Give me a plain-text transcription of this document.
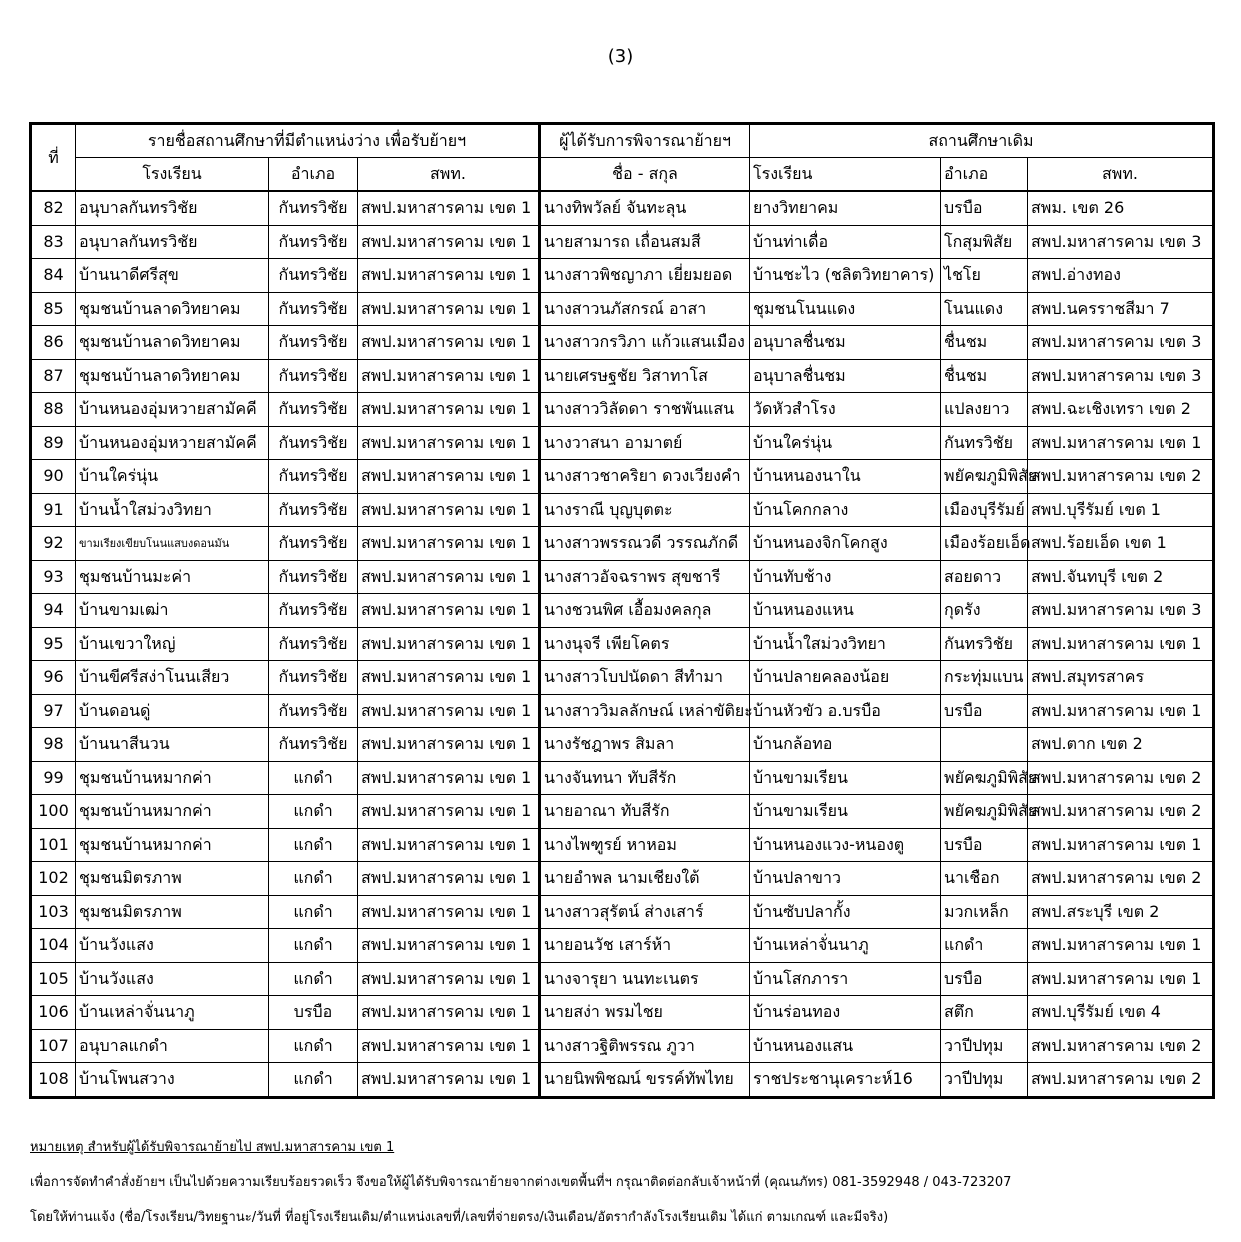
(3)
ที่	รายชื่อสถานศึกษาที่มีตำแหน่งว่าง เพื่อรับย้ายฯ			ผู้ได้รับการพิจารณาย้ายฯ	สถานศึกษาเดิม		
	โรงเรียน	อำเภอ	สพท.	ชื่อ - สกุล	โรงเรียน	อำเภอ	สพท.
82	อนุบาลกันทรวิชัย	กันทรวิชัย	สพป.มหาสารคาม เขต 1	นางทิพวัลย์ จันทะลุน	ยางวิทยาคม	บรบือ	สพม. เขต 26
83	อนุบาลกันทรวิชัย	กันทรวิชัย	สพป.มหาสารคาม เขต 1	นายสามารถ เถื่อนสมสี	บ้านท่าเดื่อ	โกสุมพิสัย	สพป.มหาสารคาม เขต 3
84	บ้านนาดีศรีสุข	กันทรวิชัย	สพป.มหาสารคาม เขต 1	นางสาวพิชญาภา เยี่ยมยอด	บ้านชะไว (ชลิตวิทยาคาร)	ไชโย	สพป.อ่างทอง
85	ชุมชนบ้านลาดวิทยาคม	กันทรวิชัย	สพป.มหาสารคาม เขต 1	นางสาวนภัสกรณ์ อาสา	ชุมชนโนนแดง	โนนแดง	สพป.นครราชสีมา 7
86	ชุมชนบ้านลาดวิทยาคม	กันทรวิชัย	สพป.มหาสารคาม เขต 1	นางสาวกรวิภา แก้วแสนเมือง	อนุบาลชื่นชม	ชื่นชม	สพป.มหาสารคาม เขต 3
87	ชุมชนบ้านลาดวิทยาคม	กันทรวิชัย	สพป.มหาสารคาม เขต 1	นายเศรษฐชัย วิสาทาโส	อนุบาลชื่นชม	ชื่นชม	สพป.มหาสารคาม เขต 3
88	บ้านหนองอุ่มหวายสามัคคี	กันทรวิชัย	สพป.มหาสารคาม เขต 1	นางสาววิลัดดา ราชพันแสน	วัดหัวสำโรง	แปลงยาว	สพป.ฉะเชิงเทรา เขต 2
89	บ้านหนองอุ่มหวายสามัคคี	กันทรวิชัย	สพป.มหาสารคาม เขต 1	นางวาสนา อามาตย์	บ้านใคร่นุ่น	กันทรวิชัย	สพป.มหาสารคาม เขต 1
90	บ้านใคร่นุ่น	กันทรวิชัย	สพป.มหาสารคาม เขต 1	นางสาวชาคริยา ดวงเวียงคำ	บ้านหนองนาใน	พยัคฆภูมิพิสัย	สพป.มหาสารคาม เขต 2
91	บ้านน้ำใสม่วงวิทยา	กันทรวิชัย	สพป.มหาสารคาม เขต 1	นางราณี บุญบุตตะ	บ้านโคกกลาง	เมืองบุรีรัมย์	สพป.บุรีรัมย์ เขต 1
92	ขามเรียงเขียบโนนแสบงดอนมัน	กันทรวิชัย	สพป.มหาสารคาม เขต 1	นางสาวพรรณวดี วรรณภักดี	บ้านหนองจิกโคกสูง	เมืองร้อยเอ็ด	สพป.ร้อยเอ็ด เขต 1
93	ชุมชนบ้านมะค่า	กันทรวิชัย	สพป.มหาสารคาม เขต 1	นางสาวอัจฉราพร สุขชารี	บ้านทับช้าง	สอยดาว	สพป.จันทบุรี เขต 2
94	บ้านขามเฒ่า	กันทรวิชัย	สพป.มหาสารคาม เขต 1	นางชวนพิศ เอื้อมงคลกุล	บ้านหนองแหน	กุดรัง	สพป.มหาสารคาม เขต 3
95	บ้านเขวาใหญ่	กันทรวิชัย	สพป.มหาสารคาม เขต 1	นางนุจรี เพียโคตร	บ้านน้ำใสม่วงวิทยา	กันทรวิชัย	สพป.มหาสารคาม เขต 1
96	บ้านขีศรีสง่าโนนเสียว	กันทรวิชัย	สพป.มหาสารคาม เขต 1	นางสาวโบปนัดดา สีทำมา	บ้านปลายคลองน้อย	กระทุ่มแบน	สพป.สมุทรสาคร
97	บ้านดอนดู่	กันทรวิชัย	สพป.มหาสารคาม เขต 1	นางสาววิมลลักษณ์ เหล่าขัติยะ	บ้านหัวขัว อ.บรบือ	บรบือ	สพป.มหาสารคาม เขต 1
98	บ้านนาสีนวน	กันทรวิชัย	สพป.มหาสารคาม เขต 1	นางรัชฎาพร สิมลา	บ้านกล้อทอ		สพป.ตาก เขต 2
99	ชุมชนบ้านหมากค่า	แกดำ	สพป.มหาสารคาม เขต 1	นางจันทนา ทับสีรัก	บ้านขามเรียน	พยัคฆภูมิพิสัย	สพป.มหาสารคาม เขต 2
100	ชุมชนบ้านหมากค่า	แกดำ	สพป.มหาสารคาม เขต 1	นายอาณา ทับสีรัก	บ้านขามเรียน	พยัคฆภูมิพิสัย	สพป.มหาสารคาม เขต 2
101	ชุมชนบ้านหมากค่า	แกดำ	สพป.มหาสารคาม เขต 1	นางไพฑูรย์ หาหอม	บ้านหนองแวง-หนองตู	บรบือ	สพป.มหาสารคาม เขต 1
102	ชุมชนมิตรภาพ	แกดำ	สพป.มหาสารคาม เขต 1	นายอำพล นามเชียงใต้	บ้านปลาขาว	นาเชือก	สพป.มหาสารคาม เขต 2
103	ชุมชนมิตรภาพ	แกดำ	สพป.มหาสารคาม เขต 1	นางสาวสุรัตน์ ส่างเสาร์	บ้านซับปลากั้ง	มวกเหล็ก	สพป.สระบุรี เขต 2
104	บ้านวังแสง	แกดำ	สพป.มหาสารคาม เขต 1	นายอนวัช เสาร์ห้า	บ้านเหล่าจั่นนาภู	แกดำ	สพป.มหาสารคาม เขต 1
105	บ้านวังแสง	แกดำ	สพป.มหาสารคาม เขต 1	นางจารุยา นนทะเนตร	บ้านโสกภารา	บรบือ	สพป.มหาสารคาม เขต 1
106	บ้านเหล่าจั่นนาภู	บรบือ	สพป.มหาสารคาม เขต 1	นายสง่า พรมไชย	บ้านร่อนทอง	สตึก	สพป.บุรีรัมย์ เขต 4
107	อนุบาลแกดำ	แกดำ	สพป.มหาสารคาม เขต 1	นางสาวฐิติพรรณ ภูวา	บ้านหนองแสน	วาปีปทุม	สพป.มหาสารคาม เขต 2
108	บ้านโพนสวาง	แกดำ	สพป.มหาสารคาม เขต 1	นายนิพพิชฌน์ ขรรค์ทัพไทย	ราชประชานุเคราะห์16	วาปีปทุม	สพป.มหาสารคาม เขต 2
หมายเหตุ สำหรับผู้ได้รับพิจารณาย้ายไป สพป.มหาสารคาม เขต 1
เพื่อการจัดทำคำสั่งย้ายฯ เป็นไปด้วยความเรียบร้อยรวดเร็ว จึงขอให้ผู้ได้รับพิจารณาย้ายจากต่างเขตพื้นที่ฯ กรุณาติดต่อกลับเจ้าหน้าที่ (คุณนภัทร) 081-3592948 / 043-723207
โดยให้ท่านแจ้ง (ชื่อ/โรงเรียน/วิทยฐานะ/วันที่ ที่อยู่โรงเรียนเดิม/ตำแหน่งเลขที่/เลขที่จ่ายตรง/เงินเดือน/อัตรากำลังโรงเรียนเดิม ได้แก่ ตามเกณฑ์ และมีจริง)
